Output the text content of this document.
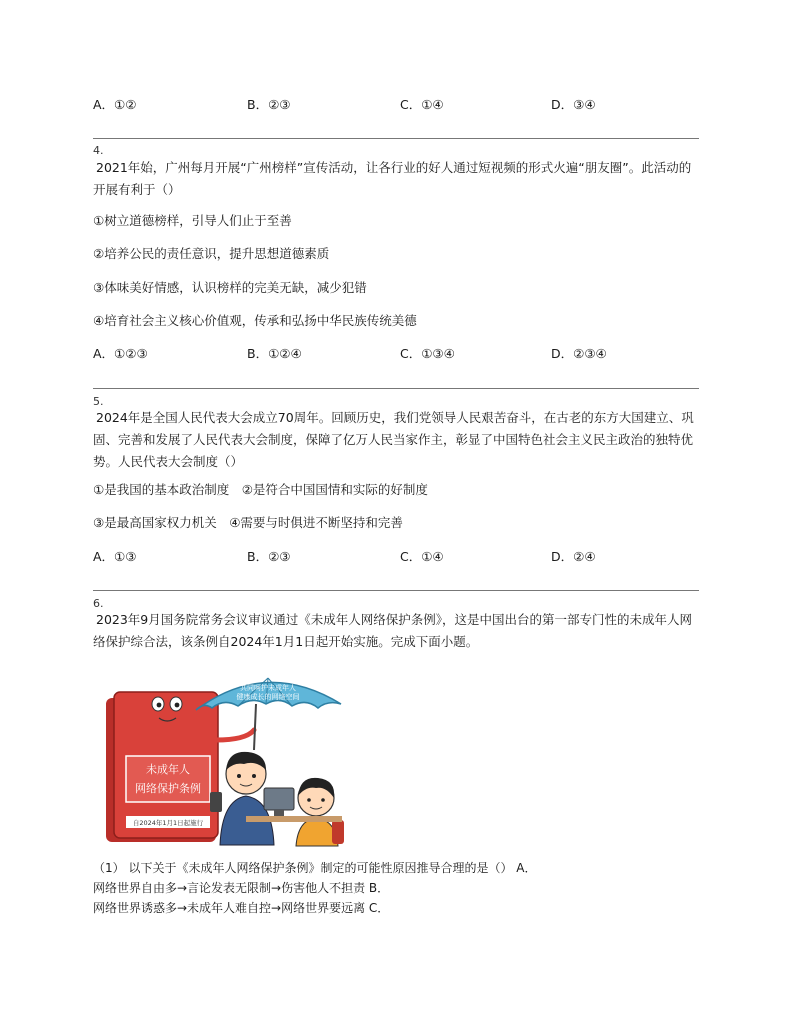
A．①②	B．②③	C．①④	D．③④
4.
2021年始，广州每月开展“广州榜样”宣传活动，让各行业的好人通过短视频的形式火遍“朋友圈”。此活动的开展有利于（）
①树立道德榜样，引导人们止于至善
②培养公民的责任意识，提升思想道德素质
③体味美好情感，认识榜样的完美无缺，减少犯错
④培育社会主义核心价值观，传承和弘扬中华民族传统美德
A．①②③	B．①②④	C．①③④	D．②③④
5.
2024年是全国人民代表大会成立70周年。回顾历史，我们党领导人民艰苦奋斗，在古老的东方大国建立、巩固、完善和发展了人民代表大会制度，保障了亿万人民当家作主，彰显了中国特色社会主义民主政治的独特优势。人民代表大会制度（）
①是我国的基本政治制度　②是符合中国国情和实际的好制度
③是最高国家权力机关　④需要与时俱进不断坚持和完善
A．①③	B．②③	C．①④	D．②④
6.
2023年9月国务院常务会议审议通过《未成年人网络保护条例》，这是中国出台的第一部专门性的未成年人网络保护综合法，该条例自2024年1月1日起开始实施。完成下面小题。
未成年人
网络保护条例
自2024年1月1日起施行
共同呵护未成年人
健康成长的网络空间
（1） 以下关于《未成年人网络保护条例》制定的可能性原因推导合理的是（） A．
网络世界自由多→言论发表无限制→伤害他人不担责 B．
网络世界诱惑多→未成年人难自控→网络世界要远离 C．
